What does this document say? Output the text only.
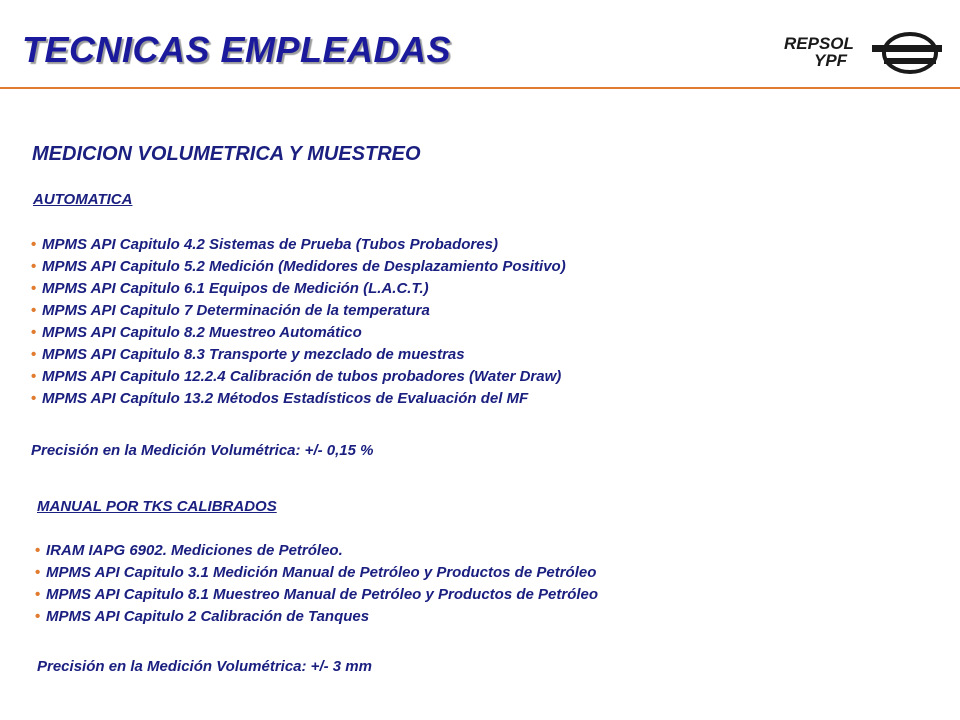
TECNICAS EMPLEADAS	REPSOL
YPF
MEDICION VOLUMETRICA Y MUESTREO
AUTOMATICA
• MPMS API Capitulo 4.2 Sistemas de Prueba (Tubos Probadores)
• MPMS API Capitulo 5.2 Medición (Medidores de Desplazamiento Positivo)
• MPMS API Capitulo 6.1 Equipos de Medición (L.A.C.T.)
• MPMS API Capitulo 7 Determinación de la temperatura
• MPMS API Capitulo 8.2 Muestreo Automático
• MPMS API Capitulo 8.3 Transporte y mezclado de muestras
• MPMS API Capitulo 12.2.4 Calibración de tubos probadores (Water Draw)
• MPMS API Capítulo 13.2 Métodos Estadísticos de Evaluación del MF
Precisión en la Medición Volumétrica: +/- 0,15 %
MANUAL POR TKS CALIBRADOS
• IRAM IAPG 6902. Mediciones de Petróleo.
• MPMS API Capitulo 3.1 Medición Manual de Petróleo y Productos de Petróleo
• MPMS API Capitulo 8.1 Muestreo Manual de Petróleo y Productos de Petróleo
• MPMS API Capitulo 2 Calibración de Tanques
Precisión en la Medición Volumétrica: +/- 3 mm
